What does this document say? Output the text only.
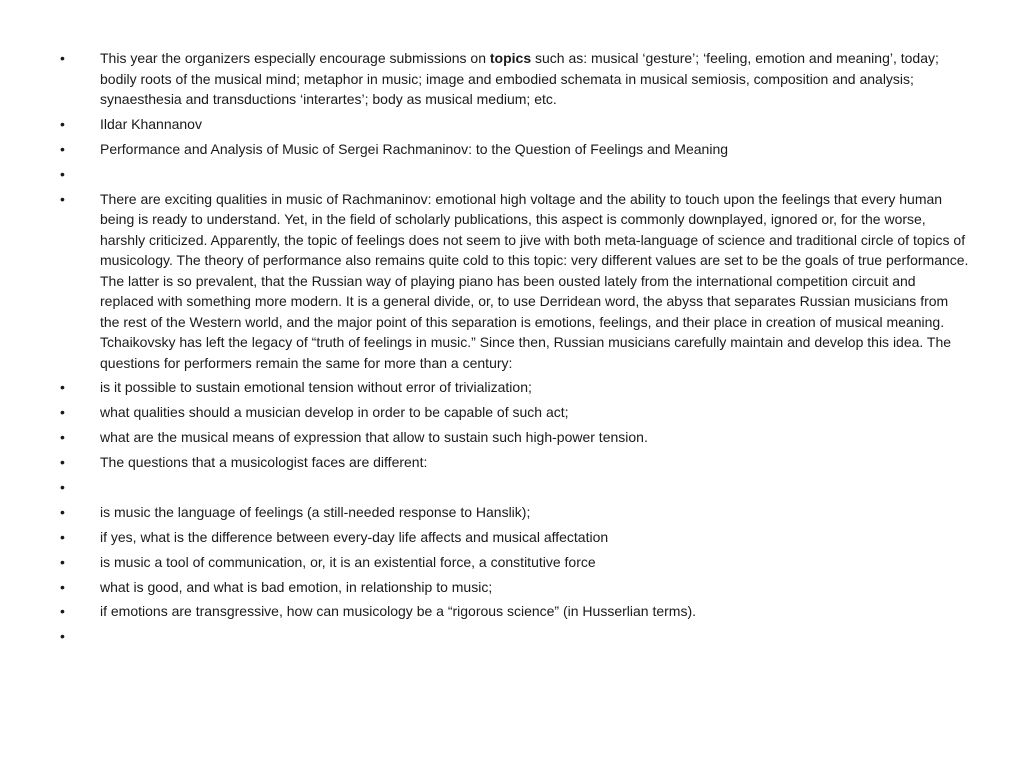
•	This year the organizers especially encourage submissions on topics such as: musical ‘gesture’; ‘feeling, emotion and meaning’, today; bodily roots of the musical mind; metaphor in music; image and embodied schemata in musical semiosis, composition and analysis; synaesthesia and transductions ‘interartes’; body as musical medium; etc.
•	Ildar Khannanov
•	Performance and Analysis of Music of Sergei Rachmaninov: to the Question of Feelings and Meaning
•
•	There are exciting qualities in music of Rachmaninov: emotional high voltage and the ability to touch upon the feelings that every human being is ready to understand. Yet, in the field of scholarly publications, this aspect is commonly downplayed, ignored or, for the worse, harshly criticized. Apparently, the topic of feelings does not seem to jive with both meta-language of science and traditional circle of topics of musicology. The theory of performance also remains quite cold to this topic: very different values are set to be the goals of true performance. The latter is so prevalent, that the Russian way of playing piano has been ousted lately from the international competition circuit and replaced with something more modern. It is a general divide, or, to use Derridean word, the abyss that separates Russian musicians from the rest of the Western world, and the major point of this separation is emotions, feelings, and their place in creation of musical meaning. Tchaikovsky has left the legacy of “truth of feelings in music.” Since then, Russian musicians carefully maintain and develop this idea. The questions for performers remain the same for more than a century:
•	is it possible to sustain emotional tension without error of trivialization;
•	what qualities should a musician develop in order to be capable of such act;
•	what are the musical means of expression that allow to sustain such high-power tension.
•	The questions that a musicologist faces are different:
•
•	is music the language of feelings (a still-needed response to Hanslik);
•	if yes, what is the difference between every-day life affects and musical affectation
•	is music a tool of communication, or, it is an existential force, a constitutive force
•	what is good, and what is bad emotion, in relationship to music;
•	if emotions are transgressive, how can musicology be a “rigorous science” (in Husserlian terms).
•
